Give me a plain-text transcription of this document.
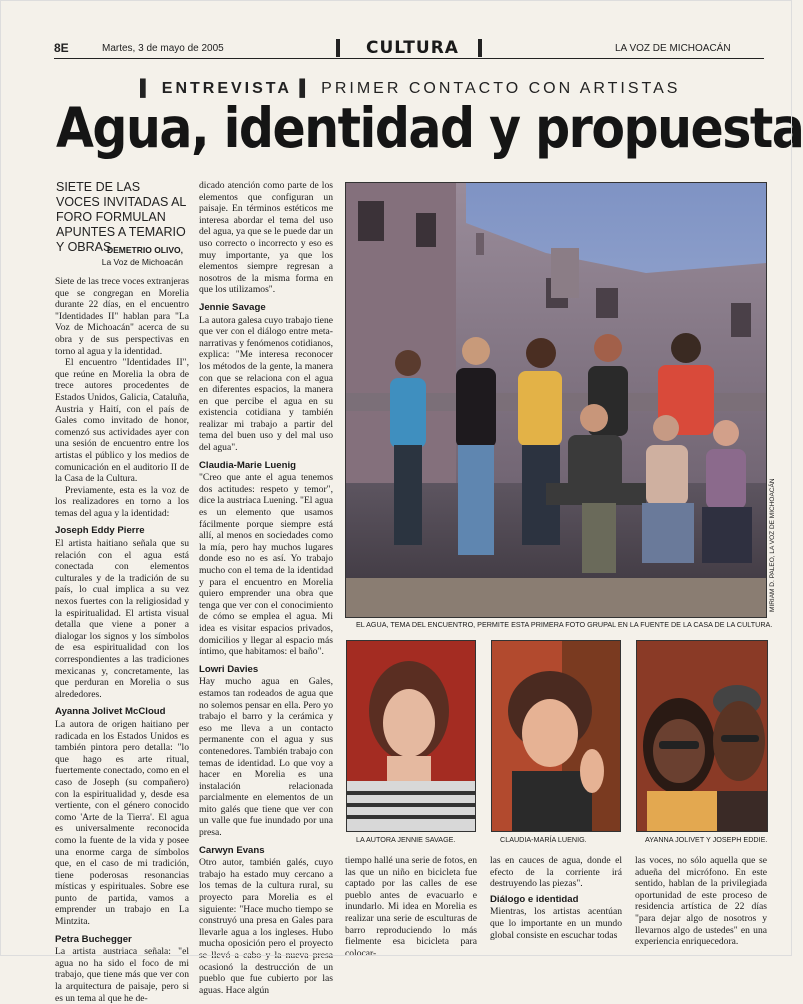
8E	Martes, 3 de mayo de 2005	CULTURA	LA VOZ DE MICHOACÁN
▌ ENTREVISTA ▌ PRIMER CONTACTO CON ARTISTAS
Agua, identidad y propuesta
SIETE DE LAS VOCES INVITADAS AL FORO FORMULAN APUNTES A TEMARIO Y OBRAS
DEMETRIO OLIVO,
La Voz de Michoacán

Siete de las trece voces extranjeras que se congregan en Morelia durante 22 días, en el encuentro "Identidades II" hablan para "La Voz de Michoacán" acerca de su obra y de sus perspectivas en torno al agua y la identidad.

El encuentro "Identidades II", que reúne en Morelia la obra de trece autores procedentes de Estados Unidos, Galicia, Cataluña, Austria y Haití, con el país de Gales como invitado de honor, comenzó sus actividades ayer con una sesión de encuentro entre los artistas el público y los medios de comunicación en el auditorio II de la Casa de la Cultura.

Previamente, esta es la voz de los realizadores en torno a los temas del agua y la identidad:

Joseph Eddy Pierre

El artista haitiano señala que su relación con el agua está conectada con elementos culturales y de la tradición de su país, lo cual implica a su vez nexos fuertes con la religiosidad y la espiritualidad. El artista visual detalla que viene a poner a dialogar los signos y los símbolos de esa espiritualidad con los correspondientes a las tradiciones mexicanas y, concretamente, las que perduran en Morelia o sus alrededores.

Ayanna Jolivet McCloud

La autora de origen haitiano per radicada en los Estados Unidos es también pintora pero detalla: "lo que hago es arte ritual, fuertemente conectado, como en el caso de Joseph (su compañero) con la espiritualidad y, desde esa vertiente, con el género conocido como 'Arte de la Tierra'. El agua es universalmente reconocida como la fuente de la vida y posee una enorme carga de símbolos que, en el caso de mi tradición, tiene poderosas resonancias místicas y espirituales. Sobre ese punto de partida, vamos a emprender un trabajo en La Mintzita.

Petra Buchegger

La artista austriaca señala: "el agua no ha sido el foco de mi trabajo, que tiene más que ver con la arquitectura de paisaje, pero si es un tema al que he de-

dicado atención como parte de los elementos que configuran un paisaje. En términos estéticos me interesa abordar el tema del uso del agua, ya que se le puede dar un uso correcto o incorrecto y eso es muy importante, ya que los elementos siempre regresan a nosotros de la misma forma en que los utilizamos".

Jennie Savage

La autora galesa cuyo trabajo tiene que ver con el diálogo entre meta-narrativas y fenómenos cotidianos, explica: "Me interesa reconocer los métodos de la gente, la manera con que se relaciona con el agua en diferentes espacios, la manera en que percibe el agua en su existencia cotidiana y también realizar mi trabajo a partir del tema del buen uso y del mal uso del agua".

Claudia-Marie Luenig

"Creo que ante el agua tenemos dos actitudes: respeto y temor", dice la austriaca Luening. "El agua es un elemento que usamos fácilmente porque siempre está allí, al menos en sociedades como la mía, pero hay muchos lugares donde eso no es así. Yo trabajo mucho con el tema de la identidad y para el encuentro en Morelia quiero emprender una obra que tenga que ver con el conocimiento de cómo se emplea el agua. Mi idea es visitar espacios privados, domicilios y llegar al espacio más íntimo, que habitamos: el baño".

Lowri Davies

Hay mucho agua en Gales, estamos tan rodeados de agua que no solemos pensar en ella. Pero yo trabajo el barro y la cerámica y eso me lleva a un contacto permanente con el agua y sus contenedores. También trabajo con temas de identidad. Lo que voy a hacer en Morelia es una instalación relacionada parcialmente en elementos de un mito galés que tiene que ver con un valle que fue inundado por una presa.

Carwyn Evans

Otro autor, también galés, cuyo trabajo ha estado muy cercano a los temas de la cultura rural, su proyecto para Morelia es el siguiente: "Hace mucho tiempo se construyó una presa en Gales para llevarle agua a los ingleses. Hubo mucha oposición pero el proyecto se llevó a cabo y la nueva presa ocasionó la destrucción de un pueblo que fue cubierto por las aguas. Hace algún

EL AGUA, TEMA DEL ENCUENTRO, PERMITE ESTA PRIMERA FOTO GRUPAL EN LA FUENTE DE LA CASA DE LA CULTURA.
MIRIAM D. PALEO, LA VOZ DE MICHOACÁN
LA AUTORA JENNIE SAVAGE.	CLAUDIA-MARÍA LUENIG.	AYANNA JOLIVET Y JOSEPH EDDIE.

tiempo hallé una serie de fotos, en las que un niño en bicicleta fue captado por las calles de ese pueblo antes de evacuarlo e inundarlo. Mi idea en Morelia es realizar una serie de esculturas de barro reproduciendo lo más fielmente esa bicicleta para colocar-

las en cauces de agua, donde el efecto de la corriente irá destruyendo las piezas".

Diálogo e identidad

Mientras, los artistas acentúan que lo importante en un mundo global consiste en escuchar todas

las voces, no sólo aquella que se adueña del micrófono. En este sentido, hablan de la privilegiada oportunidad de este proceso de residencia artística de 22 días "para dejar algo de nosotros y llevarnos algo de ustedes" en una experiencia enriquecedora.
